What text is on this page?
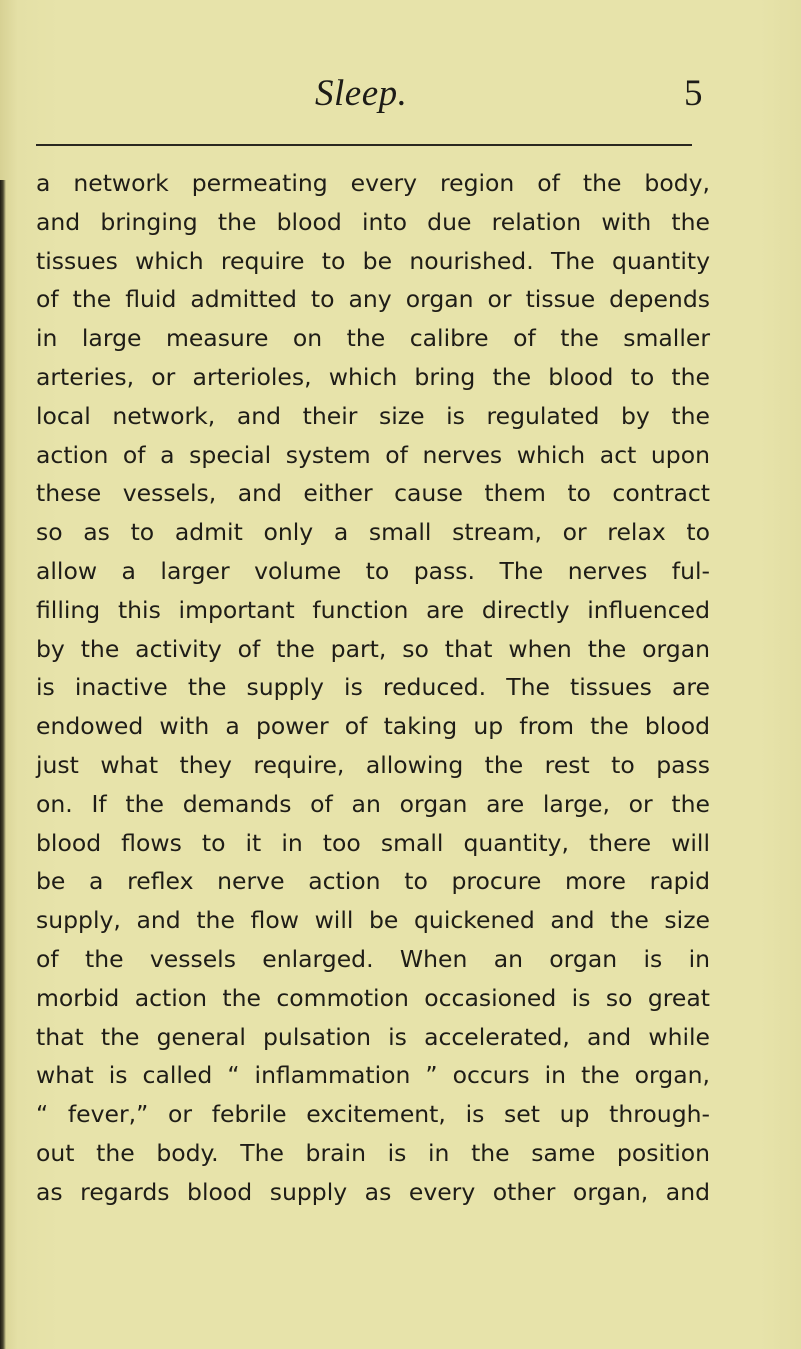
Sleep.	5
a network permeating every region of the body,
and bringing the blood into due relation with the
tissues which require to be nourished. The quantity
of the fluid admitted to any organ or tissue depends
in large measure on the calibre of the smaller
arteries, or arterioles, which bring the blood to the
local network, and their size is regulated by the
action of a special system of nerves which act upon
these vessels, and either cause them to contract
so as to admit only a small stream, or relax to
allow a larger volume to pass. The nerves ful-
filling this important function are directly influenced
by the activity of the part, so that when the organ
is inactive the supply is reduced. The tissues are
endowed with a power of taking up from the blood
just what they require, allowing the rest to pass
on. If the demands of an organ are large, or the
blood flows to it in too small quantity, there will
be a reflex nerve action to procure more rapid
supply, and the flow will be quickened and the size
of the vessels enlarged. When an organ is in
morbid action the commotion occasioned is so great
that the general pulsation is accelerated, and while
what is called “ inflammation ” occurs in the organ,
“ fever,” or febrile excitement, is set up through-
out the body. The brain is in the same position
as regards blood supply as every other organ, and
